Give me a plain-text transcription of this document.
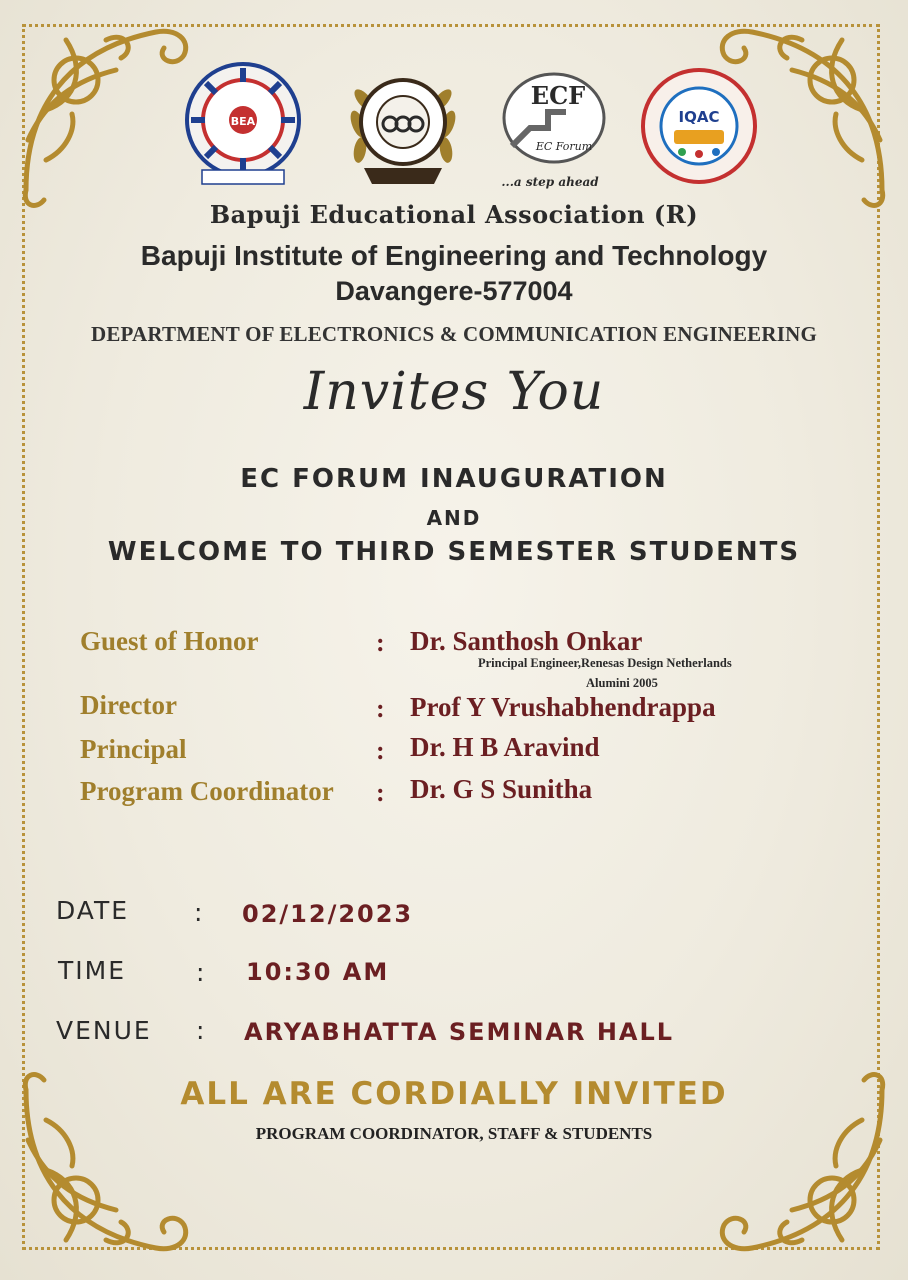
BEA
ECF
EC Forum
...a step ahead
IQAC
Bapuji Educational Association (R)
Bapuji Institute of Engineering and Technology
Davangere-577004
DEPARTMENT OF ELECTRONICS & COMMUNICATION ENGINEERING
Invites You
EC FORUM INAUGURATION
AND
WELCOME TO THIRD SEMESTER STUDENTS
Guest of Honor	: Dr. Santhosh Onkar
Principal Engineer,Renesas Design Netherlands
Alumini 2005
Director	: Prof Y Vrushabhendrappa
Principal	: Dr. H B Aravind
Program Coordinator : Dr. G S Sunitha
DATE	: 02/12/2023
TIME	: 10:30 AM
VENUE : ARYABHATTA SEMINAR HALL
ALL ARE CORDIALLY INVITED
PROGRAM COORDINATOR, STAFF & STUDENTS
